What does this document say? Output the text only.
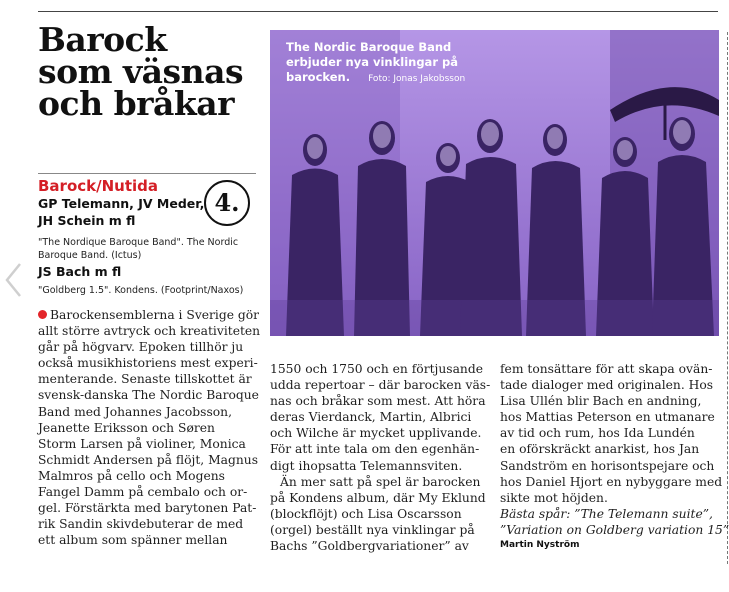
Barock
som väsnas
och bråkar
Barock/Nutida
GP Telemann, JV Meder,
JH Schein m fl
4.
"The Nordique Baroque Band". The Nordic
Baroque Band. (Ictus)
JS Bach m fl
"Goldberg 1.5". Kondens. (Footprint/Naxos)
The Nordic Baroque Band
erbjuder nya vinklingar på
barocken. Foto: Jonas Jakobsson
Barockensemblerna i Sverige gör
allt större avtryck och kreativiteten
går på högvarv. Epoken tillhör ju
också musikhistoriens mest experi-
menterande. Senaste tillskottet är
svensk-danska The Nordic Baroque
Band med Johannes Jacobsson,
Jeanette Eriksson och Søren
Storm Larsen på violiner, Monica
Schmidt Andersen på flöjt, Magnus
Malmros på cello och Mogens
Fangel Damm på cembalo och or-
gel. Förstärkta med barytonen Pat-
rik Sandin skivdebuterar de med
ett album som spänner mellan
1550 och 1750 och en förtjusande
udda repertoar – där barocken väs-
nas och bråkar som mest. Att höra
deras Vierdanck, Martin, Albrici
och Wilche är mycket upplivande.
För att inte tala om den egenhän-
digt ihopsatta Telemannsviten.
Än mer satt på spel är barocken
på Kondens album, där My Eklund
(blockflöjt) och Lisa Oscarsson
(orgel) beställt nya vinklingar på
Bachs ”Goldbergvariationer” av
fem tonsättare för att skapa ovän-
tade dialoger med originalen. Hos
Lisa Ullén blir Bach en andning,
hos Mattias Peterson en utmanare
av tid och rum, hos Ida Lundén
en oförskräckt anarkist, hos Jan
Sandström en horisontspejare och
hos Daniel Hjort en nybyggare med
sikte mot höjden.
Bästa spår: ”The Telemann suite”,
”Variation on Goldberg variation 15”
Martin Nyström
